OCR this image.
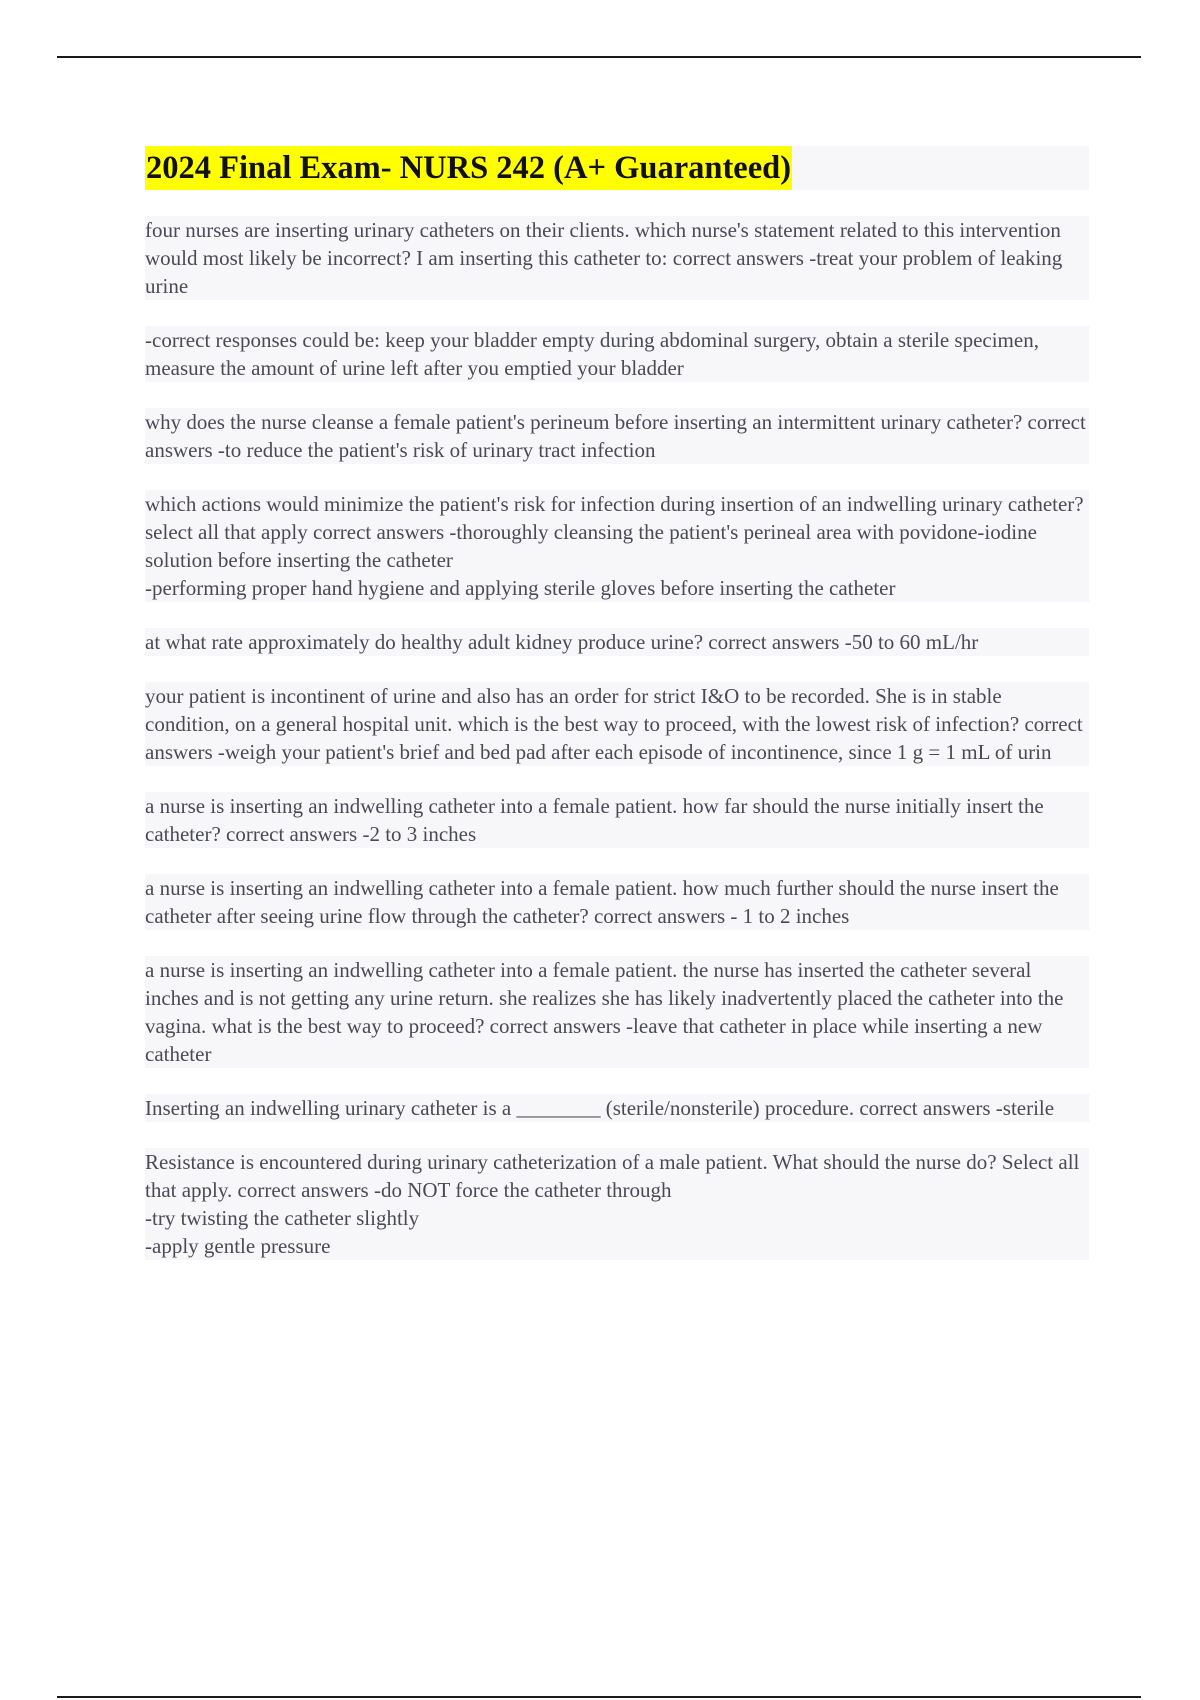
2024 Final Exam- NURS 242 (A+ Guaranteed)

four nurses are inserting urinary catheters on their clients. which nurse's statement related to this intervention would most likely be incorrect? I am inserting this catheter to: correct answers -treat your problem of leaking urine

-correct responses could be: keep your bladder empty during abdominal surgery, obtain a sterile specimen, measure the amount of urine left after you emptied your bladder

why does the nurse cleanse a female patient's perineum before inserting an intermittent urinary catheter? correct answers -to reduce the patient's risk of urinary tract infection

which actions would minimize the patient's risk for infection during insertion of an indwelling urinary catheter? select all that apply correct answers -thoroughly cleansing the patient's perineal area with povidone-iodine solution before inserting the catheter
-performing proper hand hygiene and applying sterile gloves before inserting the catheter

at what rate approximately do healthy adult kidney produce urine? correct answers -50 to 60 mL/hr

your patient is incontinent of urine and also has an order for strict I&O to be recorded. She is in stable condition, on a general hospital unit. which is the best way to proceed, with the lowest risk of infection? correct answers -weigh your patient's brief and bed pad after each episode of incontinence, since 1 g = 1 mL of urin

a nurse is inserting an indwelling catheter into a female patient. how far should the nurse initially insert the catheter? correct answers -2 to 3 inches

a nurse is inserting an indwelling catheter into a female patient. how much further should the nurse insert the catheter after seeing urine flow through the catheter? correct answers - 1 to 2 inches

a nurse is inserting an indwelling catheter into a female patient. the nurse has inserted the catheter several inches and is not getting any urine return. she realizes she has likely inadvertently placed the catheter into the vagina. what is the best way to proceed? correct answers -leave that catheter in place while inserting a new catheter

Inserting an indwelling urinary catheter is a ________ (sterile/nonsterile) procedure. correct answers -sterile

Resistance is encountered during urinary catheterization of a male patient. What should the nurse do? Select all that apply. correct answers -do NOT force the catheter through
-try twisting the catheter slightly
-apply gentle pressure
